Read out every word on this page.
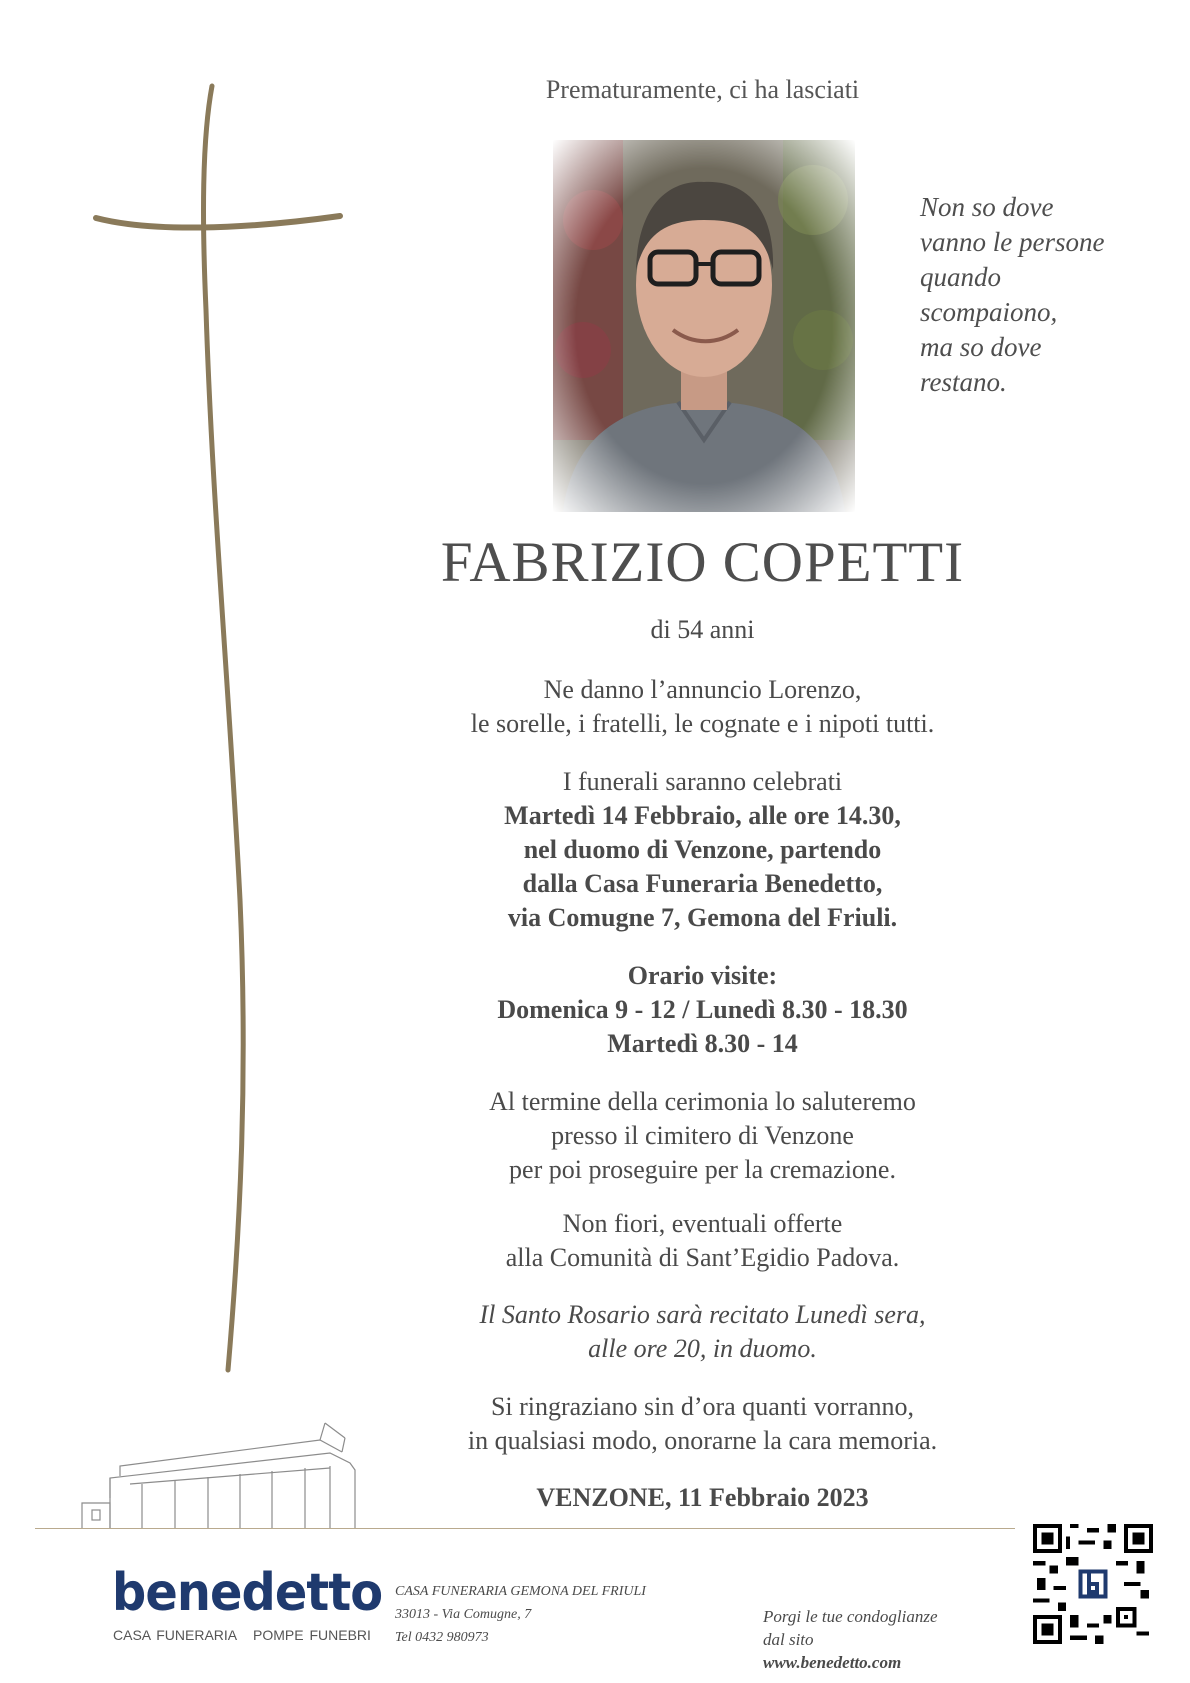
Prematuramente, ci ha lasciati
Non so dove
vanno le persone
quando
scompaiono,
ma so dove
restano.
FABRIZIO COPETTI
di 54 anni
Ne danno l’annuncio Lorenzo,
le sorelle, i fratelli, le cognate e i nipoti tutti.
I funerali saranno celebrati
Martedì 14 Febbraio, alle ore 14.30,
nel duomo di Venzone, partendo
dalla Casa Funeraria Benedetto,
via Comugne 7, Gemona del Friuli.
Orario visite:
Domenica 9 - 12 / Lunedì 8.30 - 18.30
Martedì 8.30 - 14
Al termine della cerimonia lo saluteremo
presso il cimitero di Venzone
per poi proseguire per la cremazione.
Non fiori, eventuali offerte
alla Comunità di Sant’Egidio Padova.
Il Santo Rosario sarà recitato Lunedì sera,
alle ore 20, in duomo.
Si ringraziano sin d’ora quanti vorranno,
in qualsiasi modo, onorarne la cara memoria.
VENZONE, 11 Febbraio 2023
benedetto
CASA FUNERARIA POMPE FUNEBRI
CASA FUNERARIA GEMONA DEL FRIULI
33013 - Via Comugne, 7
Tel 0432 980973
Porgi le tue condoglianze
dal sito
www.benedetto.com
